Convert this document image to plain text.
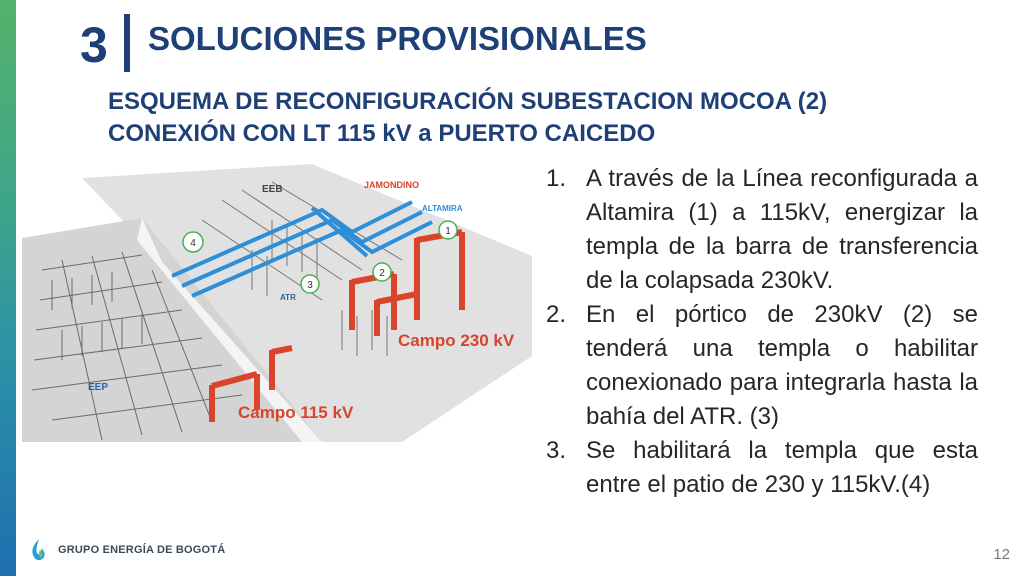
3 SOLUCIONES PROVISIONALES
ESQUEMA DE RECONFIGURACIÓN SUBESTACION MOCOA (2)
CONEXIÓN CON LT 115 kV a PUERTO CAICEDO
1
2
3
4
EEB	JAMONDINO
ALTAMIRA
ATR
EEP
Campo 230 kV
Campo 115 kV
1. A través de la Línea reconfigurada a Altamira (1) a 115kV, energizar la templa de la barra de transferencia de la colapsada 230kV.
2. En el pórtico de 230kV (2) se tenderá una templa o habilitar conexionado para integrarla hasta la bahía del ATR. (3)
3. Se habilitará la templa que esta entre el patio de 230 y 115kV.(4)
GRUPO ENERGÍA DE BOGOTÁ	12
